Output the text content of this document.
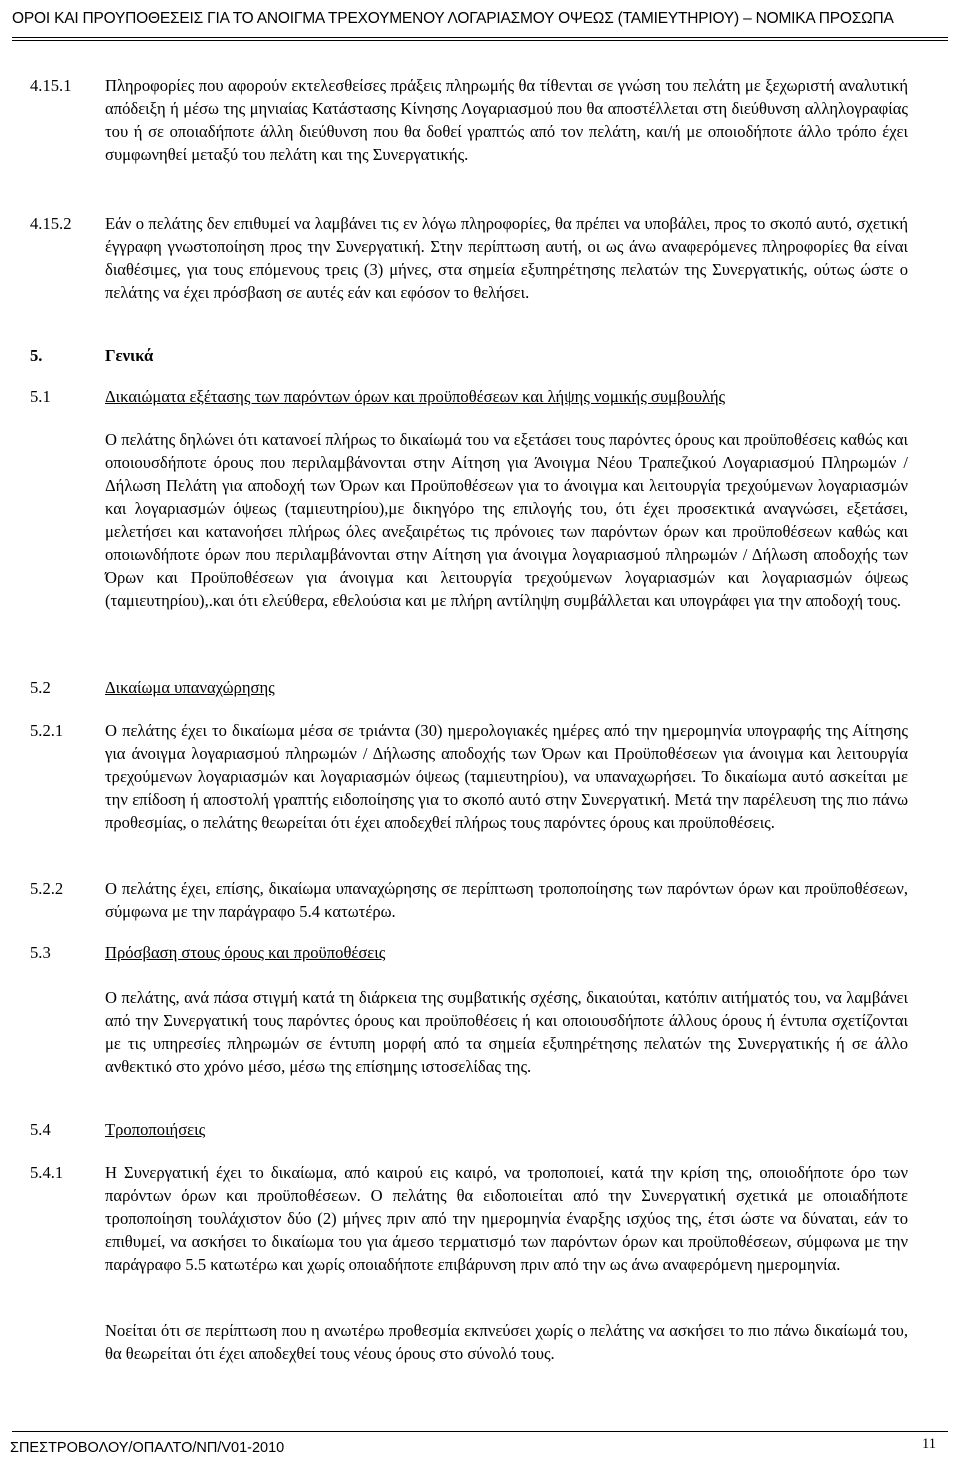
ΟΡΟΙ ΚΑΙ ΠΡΟΥΠΟΘΕΣΕΙΣ ΓΙΑ ΤΟ ΑΝΟΙΓΜΑ ΤΡΕΧΟΥΜΕΝΟΥ ΛΟΓΑΡΙΑΣΜΟΥ ΟΨΕΩΣ (ΤΑΜΙΕΥΤΗΡΙΟΥ) – ΝΟΜΙΚΑ ΠΡΟΣΩΠΑ
4.15.1 Πληροφορίες που αφορούν εκτελεσθείσες πράξεις πληρωμής θα τίθενται σε γνώση του πελάτη με ξεχωριστή αναλυτική απόδειξη ή μέσω της μηνιαίας Κατάστασης Κίνησης Λογαριασμού που θα αποστέλλεται στη διεύθυνση αλληλογραφίας του ή σε οποιαδήποτε άλλη διεύθυνση που θα δοθεί γραπτώς από τον πελάτη, και/ή με οποιοδήποτε άλλο τρόπο έχει συμφωνηθεί μεταξύ του πελάτη και της Συνεργατικής.
4.15.2 Εάν ο πελάτης δεν επιθυμεί να λαμβάνει τις εν λόγω πληροφορίες, θα πρέπει να υποβάλει, προς το σκοπό αυτό, σχετική έγγραφη γνωστοποίηση προς την Συνεργατική. Στην περίπτωση αυτή, οι ως άνω αναφερόμενες πληροφορίες θα είναι διαθέσιμες, για τους επόμενους τρεις (3) μήνες, στα σημεία εξυπηρέτησης πελατών της Συνεργατικής, ούτως ώστε ο πελάτης να έχει πρόσβαση σε αυτές εάν και εφόσον το θελήσει.
5.	Γενικά
5.1	Δικαιώματα εξέτασης των παρόντων όρων και προϋποθέσεων και λήψης νομικής συμβουλής
Ο πελάτης δηλώνει ότι κατανοεί πλήρως το δικαίωμά του να εξετάσει τους παρόντες όρους και προϋποθέσεις καθώς και οποιουσδήποτε όρους που περιλαμβάνονται στην Αίτηση για Άνοιγμα Νέου Τραπεζικού Λογαριασμού Πληρωμών / Δήλωση Πελάτη για αποδοχή των Όρων και Προϋποθέσεων για το άνοιγμα και λειτουργία τρεχούμενων λογαριασμών και λογαριασμών όψεως (ταμιευτηρίου),με δικηγόρο της επιλογής του, ότι έχει προσεκτικά αναγνώσει, εξετάσει, μελετήσει και κατανοήσει πλήρως όλες ανεξαιρέτως τις πρόνοιες των παρόντων όρων και προϋποθέσεων καθώς και οποιωνδήποτε όρων που περιλαμβάνονται στην Αίτηση για άνοιγμα λογαριασμού πληρωμών / Δήλωση αποδοχής των Όρων και Προϋποθέσεων για άνοιγμα και λειτουργία τρεχούμενων λογαριασμών και λογαριασμών όψεως (ταμιευτηρίου),.και ότι ελεύθερα, εθελούσια και με πλήρη αντίληψη συμβάλλεται και υπογράφει για την αποδοχή τους.
5.2	Δικαίωμα υπαναχώρησης
5.2.1	Ο πελάτης έχει το δικαίωμα μέσα σε τριάντα (30) ημερολογιακές ημέρες από την ημερομηνία υπογραφής της Αίτησης για άνοιγμα λογαριασμού πληρωμών / Δήλωσης αποδοχής των Όρων και Προϋποθέσεων για άνοιγμα και λειτουργία τρεχούμενων λογαριασμών και λογαριασμών όψεως (ταμιευτηρίου), να υπαναχωρήσει. Το δικαίωμα αυτό ασκείται με την επίδοση ή αποστολή γραπτής ειδοποίησης για το σκοπό αυτό στην Συνεργατική. Μετά την παρέλευση της πιο πάνω προθεσμίας, ο πελάτης θεωρείται ότι έχει αποδεχθεί πλήρως τους παρόντες όρους και προϋποθέσεις.
5.2.2	Ο πελάτης έχει, επίσης, δικαίωμα υπαναχώρησης σε περίπτωση τροποποίησης των παρόντων όρων και προϋποθέσεων, σύμφωνα με την παράγραφο 5.4 κατωτέρω.
5.3	Πρόσβαση στους όρους και προϋποθέσεις
Ο πελάτης, ανά πάσα στιγμή κατά τη διάρκεια της συμβατικής σχέσης, δικαιούται, κατόπιν αιτήματός του, να λαμβάνει από την Συνεργατική τους παρόντες όρους και προϋποθέσεις ή και οποιουσδήποτε άλλους όρους ή έντυπα σχετίζονται με τις υπηρεσίες πληρωμών σε έντυπη μορφή από τα σημεία εξυπηρέτησης πελατών της Συνεργατικής ή σε άλλο ανθεκτικό στο χρόνο μέσο, μέσω της επίσημης ιστοσελίδας της.
5.4	Τροποποιήσεις
5.4.1	Η Συνεργατική έχει το δικαίωμα, από καιρού εις καιρό, να τροποποιεί, κατά την κρίση της, οποιοδήποτε όρο των παρόντων όρων και προϋποθέσεων. Ο πελάτης θα ειδοποιείται από την Συνεργατική σχετικά με οποιαδήποτε τροποποίηση τουλάχιστον δύο (2) μήνες πριν από την ημερομηνία έναρξης ισχύος της, έτσι ώστε να δύναται, εάν το επιθυμεί, να ασκήσει το δικαίωμα του για άμεσο τερματισμό των παρόντων όρων και προϋποθέσεων, σύμφωνα με την παράγραφο 5.5 κατωτέρω και χωρίς οποιαδήποτε επιβάρυνση πριν από την ως άνω αναφερόμενη ημερομηνία.
Νοείται ότι σε περίπτωση που η ανωτέρω προθεσμία εκπνεύσει χωρίς ο πελάτης να ασκήσει το πιο πάνω δικαίωμά του, θα θεωρείται ότι έχει αποδεχθεί τους νέους όρους στο σύνολό τους.
ΣΠΕΣΤΡΟΒΟΛΟΥ/ΟΠΑΛΤΟ/ΝΠ/V01-2010	11
